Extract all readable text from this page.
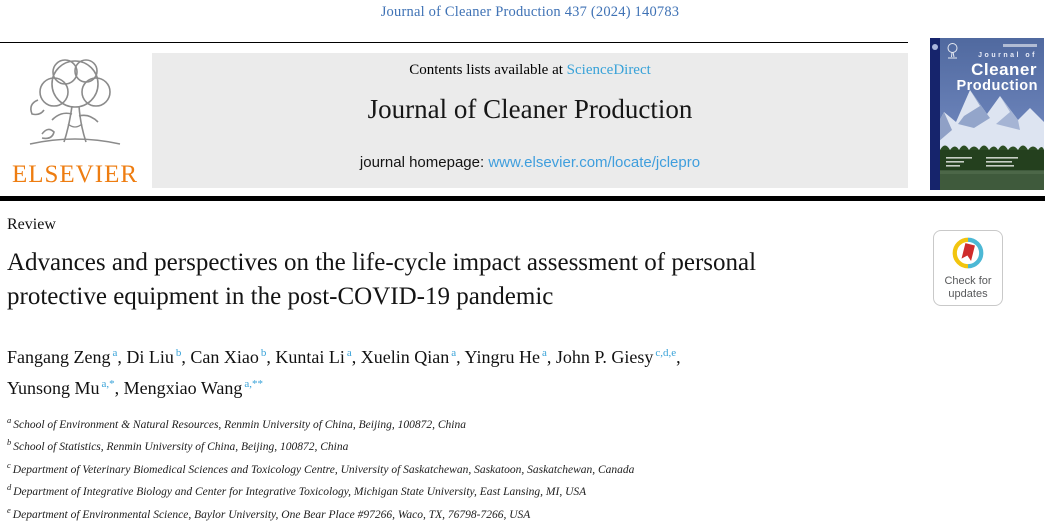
Journal of Cleaner Production 437 (2024) 140783
ELSEVIER
Contents lists available at ScienceDirect
Journal of Cleaner Production
journal homepage: www.elsevier.com/locate/jclepro
Journal of
Cleaner
Production
Review
Advances and perspectives on the life-cycle impact assessment of personal
protective equipment in the post-COVID-19 pandemic
Fangang Zeng $^a$, Di Liu $^b$, Can Xiao $^b$, Kuntai Li $^a$, Xuelin Qian $^a$, Yingru He $^a$, John P. Giesy $^{c,d,e}$,
Yunsong Mu $^{a,*}$, Mengxiao Wang $^{a,**}$
$^a$ School of Environment & Natural Resources, Renmin University of China, Beijing, 100872, China
$^b$ School of Statistics, Renmin University of China, Beijing, 100872, China
$^c$ Department of Veterinary Biomedical Sciences and Toxicology Centre, University of Saskatchewan, Saskatoon, Saskatchewan, Canada
$^d$ Department of Integrative Biology and Center for Integrative Toxicology, Michigan State University, East Lansing, MI, USA
$^e$ Department of Environmental Science, Baylor University, One Bear Place #97266, Waco, TX, 76798-7266, USA
Check for
updates
